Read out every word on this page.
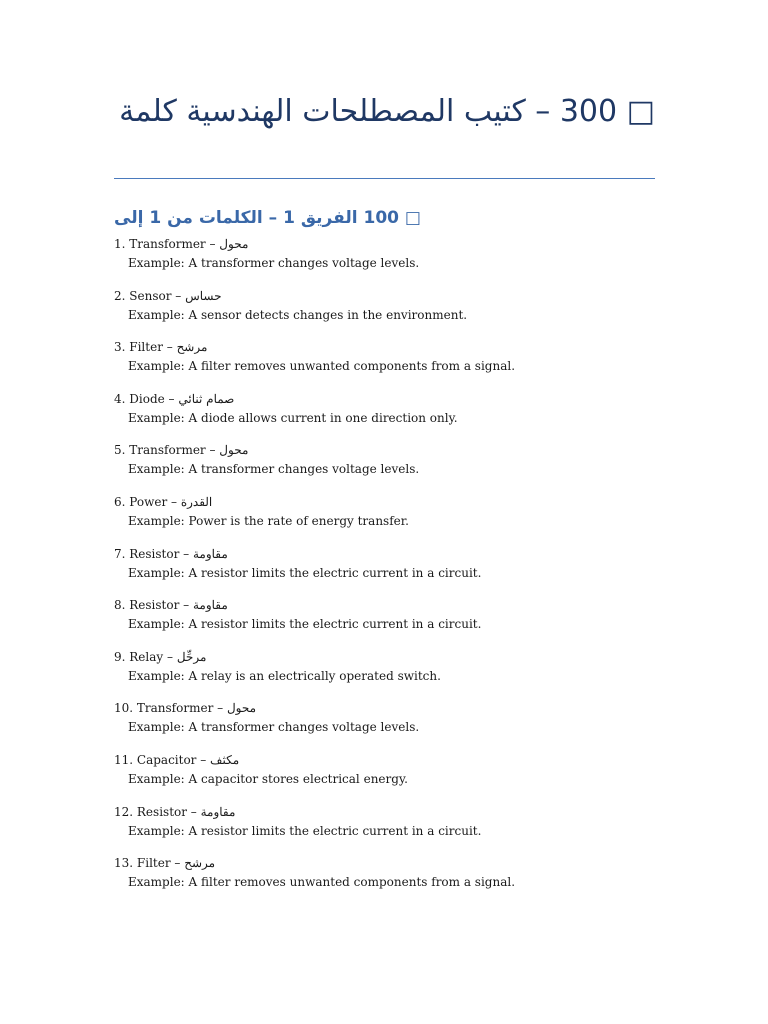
□ 300 – كتيب المصطلحات الهندسية كلمة
□ 100 الفريق 1 – الكلمات من 1 إلى
1. Transformer – محول
Example: A transformer changes voltage levels.
2. Sensor – حساس
Example: A sensor detects changes in the environment.
3. Filter – مرشح
Example: A filter removes unwanted components from a signal.
4. Diode – صمام ثنائي
Example: A diode allows current in one direction only.
5. Transformer – محول
Example: A transformer changes voltage levels.
6. Power – القدرة
Example: Power is the rate of energy transfer.
7. Resistor – مقاومة
Example: A resistor limits the electric current in a circuit.
8. Resistor – مقاومة
Example: A resistor limits the electric current in a circuit.
9. Relay – مرحِّل
Example: A relay is an electrically operated switch.
10. Transformer – محول
Example: A transformer changes voltage levels.
11. Capacitor – مكثف
Example: A capacitor stores electrical energy.
12. Resistor – مقاومة
Example: A resistor limits the electric current in a circuit.
13. Filter – مرشح
Example: A filter removes unwanted components from a signal.
